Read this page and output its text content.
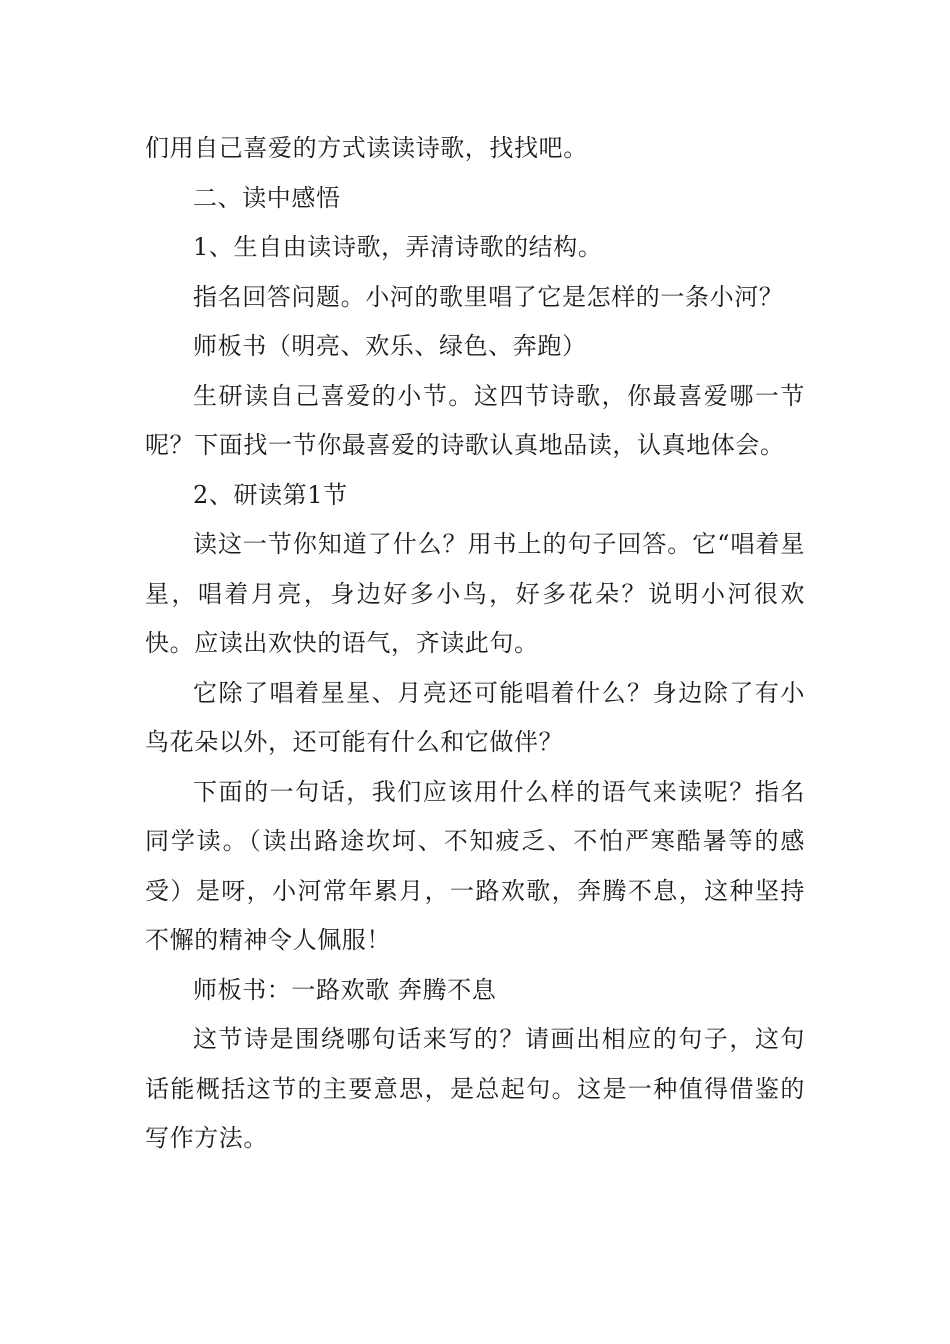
们用自己喜爱的方式读读诗歌，找找吧。

二、读中感悟

1、生自由读诗歌，弄清诗歌的结构。

指名回答问题。小河的歌里唱了它是怎样的一条小河？

师板书（明亮、欢乐、绿色、奔跑）

生研读自己喜爱的小节。这四节诗歌，你最喜爱哪一节呢？下面找一节你最喜爱的诗歌认真地品读，认真地体会。

2、研读第1节

读这一节你知道了什么？用书上的句子回答。它“唱着星星，唱着月亮，身边好多小鸟，好多花朵？说明小河很欢快。应读出欢快的语气，齐读此句。

它除了唱着星星、月亮还可能唱着什么？身边除了有小鸟花朵以外，还可能有什么和它做伴？

下面的一句话，我们应该用什么样的语气来读呢？指名同学读。（读出路途坎坷、不知疲乏、不怕严寒酷暑等的感受）是呀，小河常年累月，一路欢歌，奔腾不息，这种坚持不懈的精神令人佩服！

师板书：一路欢歌 奔腾不息

这节诗是围绕哪句话来写的？请画出相应的句子，这句话能概括这节的主要意思，是总起句。这是一种值得借鉴的写作方法。
